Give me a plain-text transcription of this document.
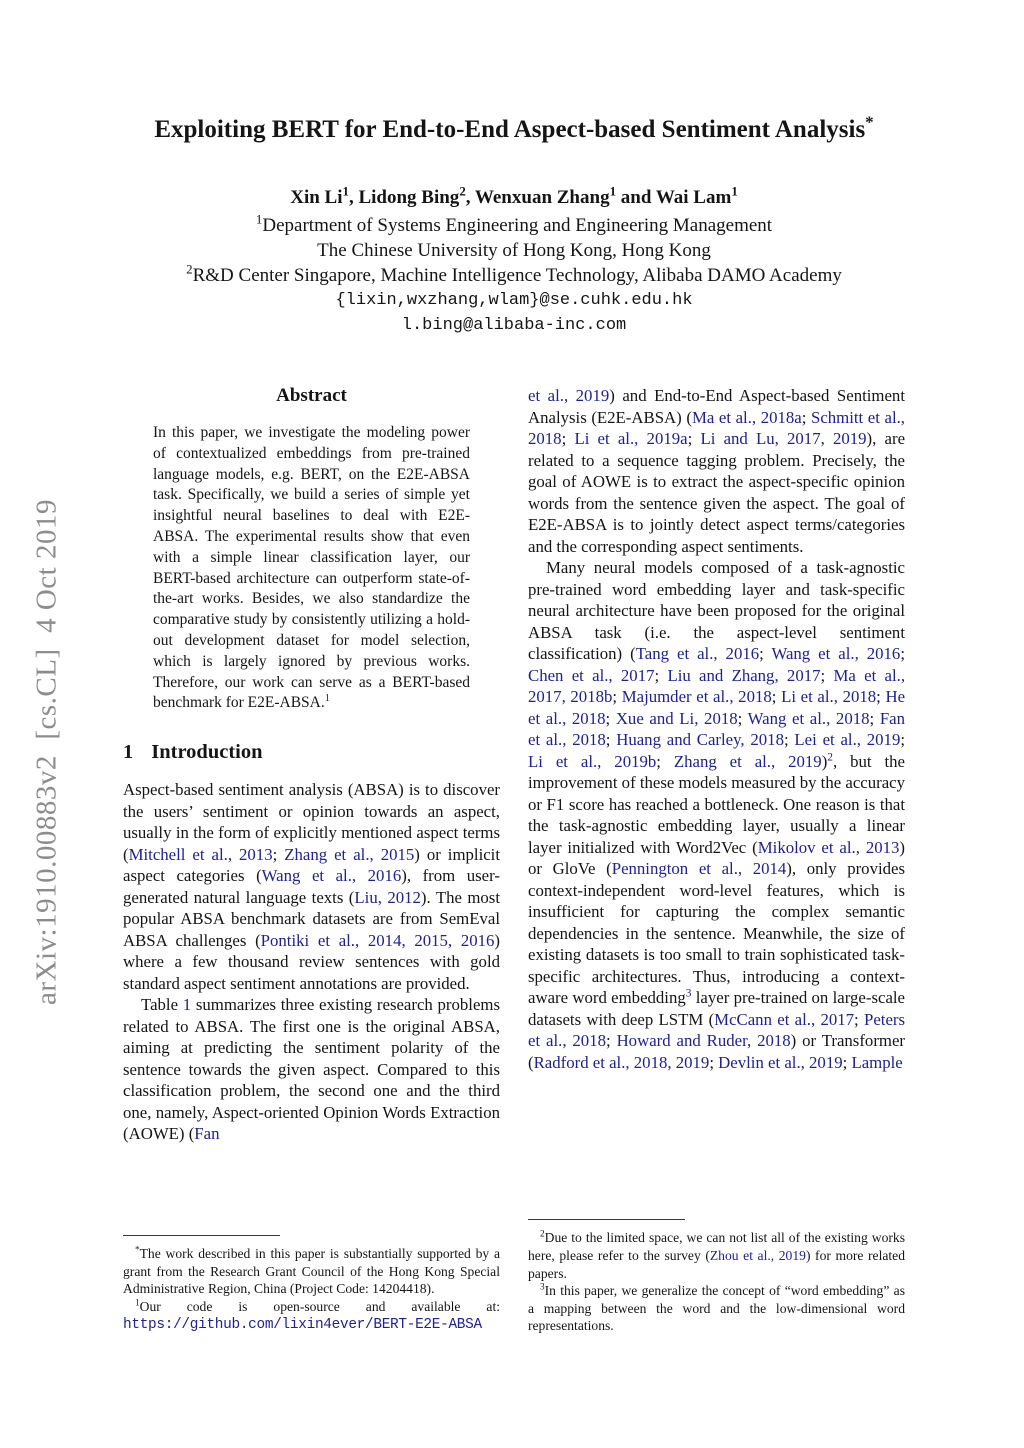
arXiv:1910.00883v2  [cs.CL]  4 Oct 2019
Exploiting BERT for End-to-End Aspect-based Sentiment Analysis*
Xin Li$^1$, Lidong Bing$^2$, Wenxuan Zhang$^1$ and Wai Lam$^1$
$^1$Department of Systems Engineering and Engineering Management
The Chinese University of Hong Kong, Hong Kong
$^2$R&D Center Singapore, Machine Intelligence Technology, Alibaba DAMO Academy
{lixin,wxzhang,wlam}@se.cuhk.edu.hk
l.bing@alibaba-inc.com
Abstract

In this paper, we investigate the modeling power of contextualized embeddings from pre-trained language models, e.g. BERT, on the E2E-ABSA task. Specifically, we build a series of simple yet insightful neural baselines to deal with E2E-ABSA. The experimental results show that even with a simple linear classification layer, our BERT-based architecture can outperform state-of-the-art works. Besides, we also standardize the comparative study by consistently utilizing a hold-out development dataset for model selection, which is largely ignored by previous works. Therefore, our work can serve as a BERT-based benchmark for E2E-ABSA.$^1$

1 Introduction

Aspect-based sentiment analysis (ABSA) is to discover the users’ sentiment or opinion towards an aspect, usually in the form of explicitly mentioned aspect terms (Mitchell et al., 2013; Zhang et al., 2015) or implicit aspect categories (Wang et al., 2016), from user-generated natural language texts (Liu, 2012). The most popular ABSA benchmark datasets are from SemEval ABSA challenges (Pontiki et al., 2014, 2015, 2016) where a few thousand review sentences with gold standard aspect sentiment annotations are provided.

Table 1 summarizes three existing research problems related to ABSA. The first one is the original ABSA, aiming at predicting the sentiment polarity of the sentence towards the given aspect. Compared to this classification problem, the second one and the third one, namely, Aspect-oriented Opinion Words Extraction (AOWE) (Fan

*The work described in this paper is substantially supported by a grant from the Research Grant Council of the Hong Kong Special Administrative Region, China (Project Code: 14204418).

$^1$Our code is open-source and available at: https://github.com/lixin4ever/BERT-E2E-ABSA

et al., 2019) and End-to-End Aspect-based Sentiment Analysis (E2E-ABSA) (Ma et al., 2018a; Schmitt et al., 2018; Li et al., 2019a; Li and Lu, 2017, 2019), are related to a sequence tagging problem. Precisely, the goal of AOWE is to extract the aspect-specific opinion words from the sentence given the aspect. The goal of E2E-ABSA is to jointly detect aspect terms/categories and the corresponding aspect sentiments.

Many neural models composed of a task-agnostic pre-trained word embedding layer and task-specific neural architecture have been proposed for the original ABSA task (i.e. the aspect-level sentiment classification) (Tang et al., 2016; Wang et al., 2016; Chen et al., 2017; Liu and Zhang, 2017; Ma et al., 2017, 2018b; Majumder et al., 2018; Li et al., 2018; He et al., 2018; Xue and Li, 2018; Wang et al., 2018; Fan et al., 2018; Huang and Carley, 2018; Lei et al., 2019; Li et al., 2019b; Zhang et al., 2019)$^2$, but the improvement of these models measured by the accuracy or F1 score has reached a bottleneck. One reason is that the task-agnostic embedding layer, usually a linear layer initialized with Word2Vec (Mikolov et al., 2013) or GloVe (Pennington et al., 2014), only provides context-independent word-level features, which is insufficient for capturing the complex semantic dependencies in the sentence. Meanwhile, the size of existing datasets is too small to train sophisticated task-specific architectures. Thus, introducing a context-aware word embedding$^3$ layer pre-trained on large-scale datasets with deep LSTM (McCann et al., 2017; Peters et al., 2018; Howard and Ruder, 2018) or Transformer (Radford et al., 2018, 2019; Devlin et al., 2019; Lample

$^2$Due to the limited space, we can not list all of the existing works here, please refer to the survey (Zhou et al., 2019) for more related papers.

$^3$In this paper, we generalize the concept of “word embedding” as a mapping between the word and the low-dimensional word representations.
